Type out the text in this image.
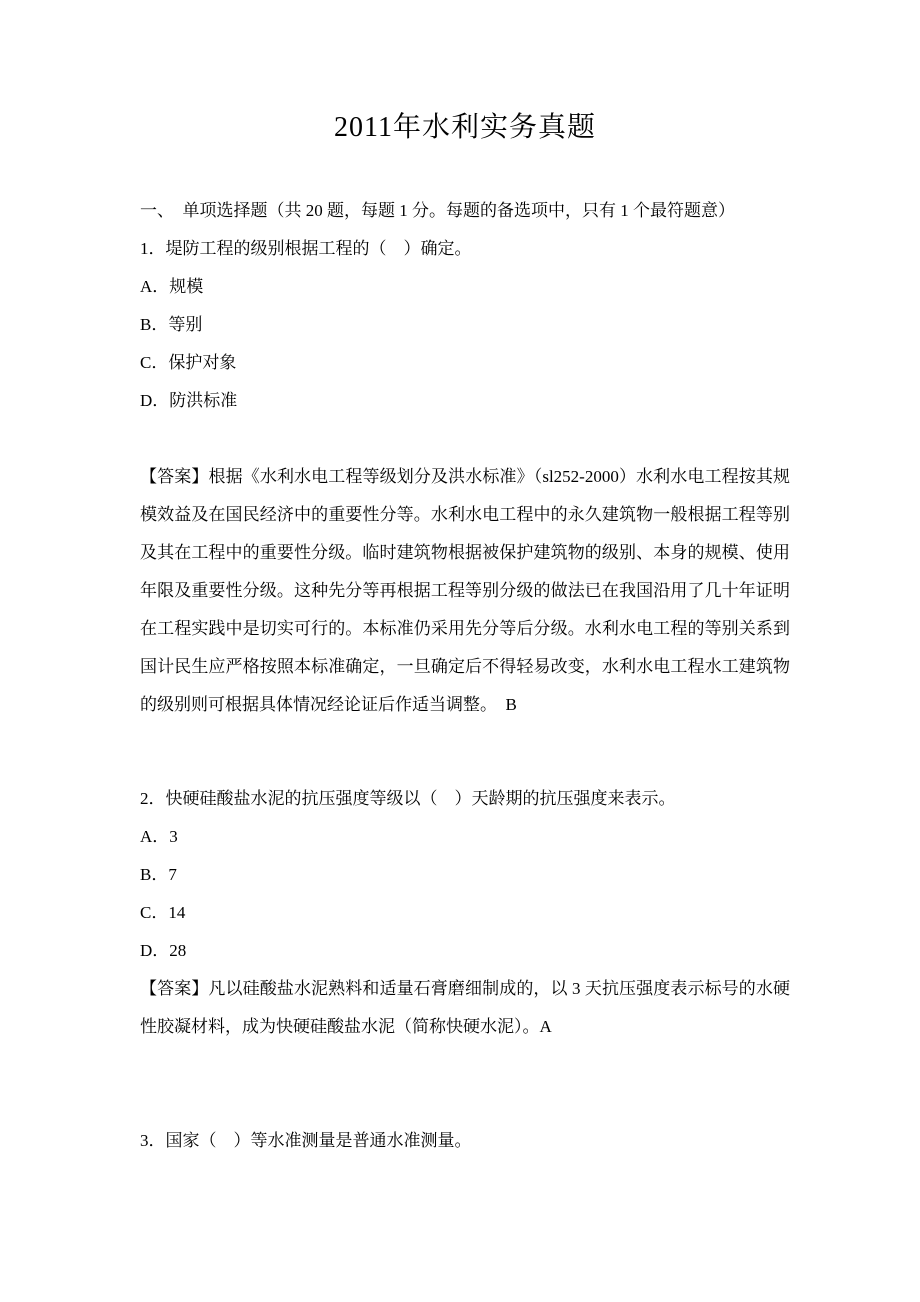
2011年水利实务真题

一、　单项选择题（共 20 题，每题 1 分。每题的备选项中，只有 1 个最符题意）

1．堤防工程的级别根据工程的（　）确定。

A．规模

B．等别

C．保护对象

D．防洪标准

【答案】根据《水利水电工程等级划分及洪水标准》（sl252-2000）水利水电工程按其规模效益及在国民经济中的重要性分等。水利水电工程中的永久建筑物一般根据工程等别及其在工程中的重要性分级。临时建筑物根据被保护建筑物的级别、本身的规模、使用年限及重要性分级。这种先分等再根据工程等别分级的做法已在我国沿用了几十年证明在工程实践中是切实可行的。本标准仍采用先分等后分级。水利水电工程的等别关系到国计民生应严格按照本标准确定，一旦确定后不得轻易改变，水利水电工程水工建筑物的级别则可根据具体情况经论证后作适当调整。　B

2．快硬硅酸盐水泥的抗压强度等级以（　）天龄期的抗压强度来表示。

A．3

B．7

C．14

D．28

【答案】凡以硅酸盐水泥熟料和适量石膏磨细制成的，以 3 天抗压强度表示标号的水硬性胶凝材料，成为快硬硅酸盐水泥（简称快硬水泥）。A

3．国家（　）等水准测量是普通水准测量。
